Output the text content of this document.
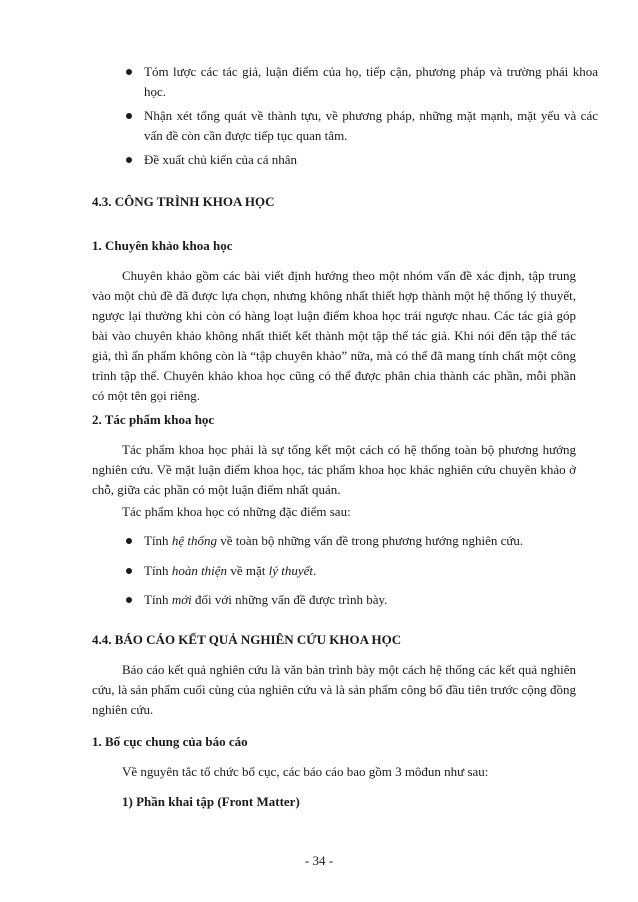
Tóm lược các tác giả, luận điểm của họ, tiếp cận, phương pháp và trường phái khoa học.
Nhận xét tổng quát về thành tựu, về phương pháp, những mặt mạnh, mặt yếu và các vấn đề còn cần được tiếp tục quan tâm.
Đề xuất chủ kiến của cá nhân

4.3. CÔNG TRÌNH KHOA HỌC

1. Chuyên khảo khoa học

Chuyên khảo gồm các bài viết định hướng theo một nhóm vấn đề xác định, tập trung vào một chủ đề đã được lựa chọn, nhưng không nhất thiết hợp thành một hệ thống lý thuyết, ngược lại thường khi còn có hàng loạt luận điểm khoa học trái ngược nhau. Các tác giả góp bài vào chuyên khảo không nhất thiết kết thành một tập thể tác giả. Khi nói đến tập thể tác giả, thì ấn phẩm không còn là “tập chuyên khảo” nữa, mà có thể đã mang tính chất một công trình tập thể. Chuyên khảo khoa học cũng có thể được phân chia thành các phần, mỗi phần có một tên gọi riêng.

2. Tác phẩm khoa học

Tác phẩm khoa học phải là sự tổng kết một cách có hệ thống toàn bộ phương hướng nghiên cứu. Về mặt luận điểm khoa học, tác phẩm khoa học khác nghiên cứu chuyên khảo ở chỗ, giữa các phần có một luận điểm nhất quán.

Tác phẩm khoa học có những đặc điểm sau:

Tính hệ thống về toàn bộ những vấn đề trong phương hướng nghiên cứu.
Tính hoàn thiện về mặt lý thuyết.
Tính mới đối với những vấn đề được trình bày.

4.4. BÁO CÁO KẾT QUẢ NGHIÊN CỨU KHOA HỌC

Báo cáo kết quả nghiên cứu là văn bản trình bày một cách hệ thống các kết quả nghiên cứu, là sản phẩm cuối cùng của nghiên cứu và là sản phẩm công bố đầu tiên trước cộng đồng nghiên cứu.

1. Bố cục chung của báo cáo

Về nguyên tắc tổ chức bố cục, các báo cáo bao gồm 3 môđun như sau:

1) Phần khai tập (Front Matter)

- 34 -
